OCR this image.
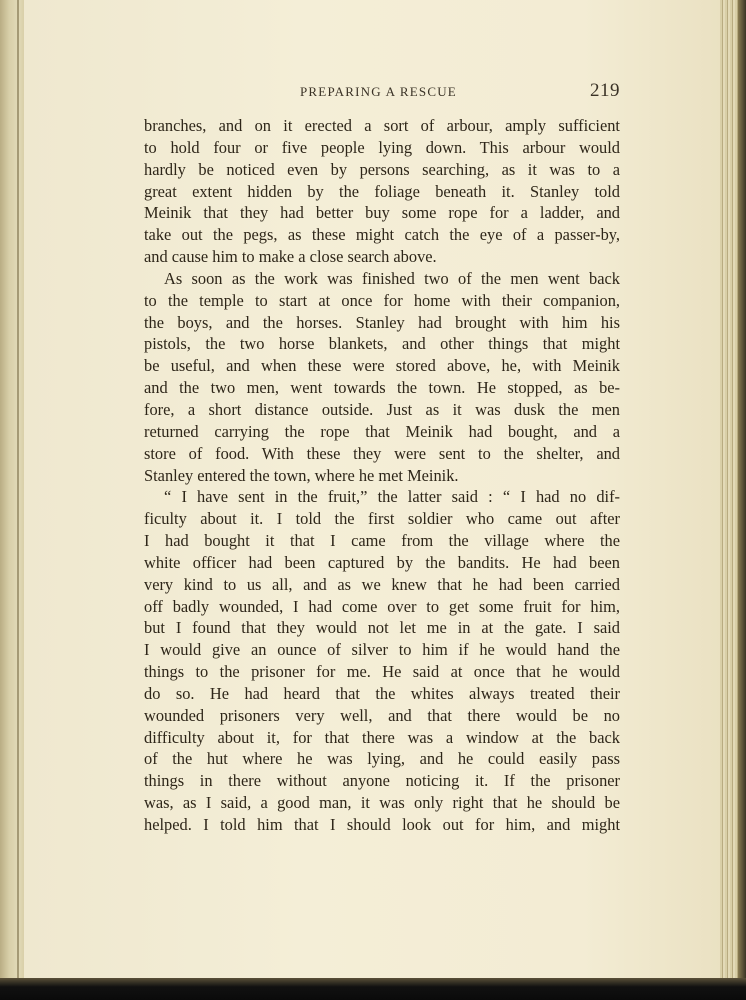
PREPARING A RESCUE	219
branches, and on it erected a sort of arbour, amply sufficient
to hold four or five people lying down. This arbour would
hardly be noticed even by persons searching, as it was to a
great extent hidden by the foliage beneath it. Stanley told
Meinik that they had better buy some rope for a ladder, and
take out the pegs, as these might catch the eye of a passer-by,
and cause him to make a close search above.
As soon as the work was finished two of the men went back
to the temple to start at once for home with their companion,
the boys, and the horses. Stanley had brought with him his
pistols, the two horse blankets, and other things that might
be useful, and when these were stored above, he, with Meinik
and the two men, went towards the town. He stopped, as be-
fore, a short distance outside. Just as it was dusk the men
returned carrying the rope that Meinik had bought, and a
store of food. With these they were sent to the shelter, and
Stanley entered the town, where he met Meinik.
“ I have sent in the fruit,” the latter said : “ I had no dif-
ficulty about it. I told the first soldier who came out after
I had bought it that I came from the village where the
white officer had been captured by the bandits. He had been
very kind to us all, and as we knew that he had been carried
off badly wounded, I had come over to get some fruit for him,
but I found that they would not let me in at the gate. I said
I would give an ounce of silver to him if he would hand the
things to the prisoner for me. He said at once that he would
do so. He had heard that the whites always treated their
wounded prisoners very well, and that there would be no
difficulty about it, for that there was a window at the back
of the hut where he was lying, and he could easily pass
things in there without anyone noticing it. If the prisoner
was, as I said, a good man, it was only right that he should be
helped. I told him that I should look out for him, and might
